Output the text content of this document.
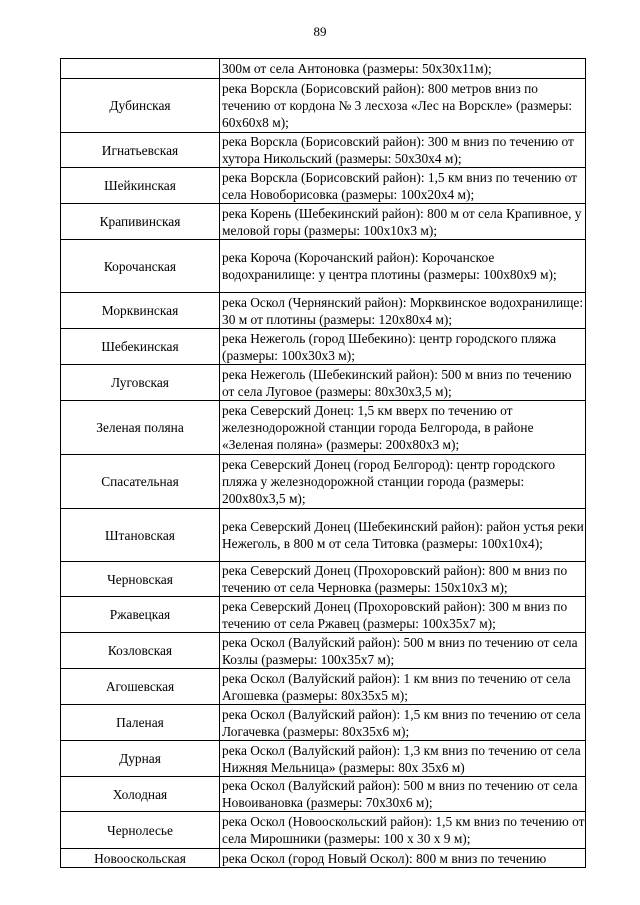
89
	300м от села Антоновка (размеры: 50х30х11м);
Дубинская	река Ворскла (Борисовский район): 800 метров вниз по течению от кордона № 3 лесхоза «Лес на Ворскле» (размеры: 60х60х8 м);
Игнатьевская	река Ворскла (Борисовский район): 300 м вниз по течению от хутора Никольский (размеры: 50х30х4 м);
Шейкинская	река Ворскла (Борисовский район): 1,5 км вниз по течению от села Новоборисовка (размеры: 100х20х4 м);
Крапивинская	река Корень (Шебекинский район): 800 м от села Крапивное, у меловой горы (размеры: 100х10х3 м);
Корочанская	река Короча (Корочанский район): Корочанское водохранилище: у центра плотины (размеры: 100х80х9 м);
Морквинская	река Оскол (Чернянский район): Морквинское водохранилище: 30 м от плотины (размеры: 120х80х4 м);
Шебекинская	река Нежеголь (город Шебекино): центр городского пляжа (размеры: 100х30х3 м);
Луговская	река Нежеголь (Шебекинский район): 500 м вниз по течению от села Луговое (размеры: 80х30х3,5 м);
Зеленая поляна	река Северский Донец: 1,5 км вверх по течению от железнодорожной станции города Белгорода, в районе «Зеленая поляна» (размеры: 200х80х3 м);
Спасательная	река Северский Донец (город Белгород): центр городского пляжа у железнодорожной станции города (размеры: 200х80х3,5 м);
Штановская	река Северский Донец (Шебекинский район): район устья реки Нежеголь, в 800 м от села Титовка (размеры: 100х10х4);
Черновская	река Северский Донец (Прохоровский район): 800 м вниз по течению от села Черновка (размеры: 150х10х3 м);
Ржавецкая	река Северский Донец (Прохоровский район): 300 м вниз по течению от села Ржавец (размеры: 100х35х7 м);
Козловская	река Оскол (Валуйский район): 500 м вниз по течению от села Козлы (размеры: 100х35х7 м);
Агошевская	река Оскол (Валуйский район): 1 км вниз по течению от села Агошевка (размеры: 80х35х5 м);
Паленая	река Оскол (Валуйский район): 1,5 км вниз по течению от села Логачевка (размеры: 80х35х6 м);
Дурная	река Оскол (Валуйский район): 1,3 км вниз по течению от села Нижняя Мельница» (размеры: 80х 35х6 м)
Холодная	река Оскол (Валуйский район): 500 м вниз по течению от села Новоивановка (размеры: 70х30х6 м);
Чернолесье	река Оскол (Новооскольский район): 1,5 км вниз по течению от села Мирошники (размеры: 100 х 30 х 9 м);
Новооскольская	река Оскол (город Новый Оскол): 800 м вниз по течению
